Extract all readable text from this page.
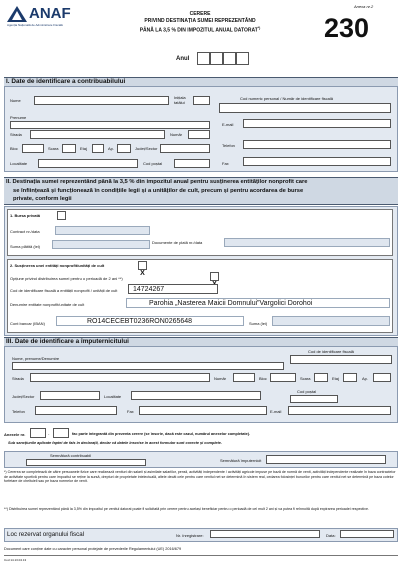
ANAF
Agenția Națională de Administrare Fiscală
Anexa nr.2
CERERE
PRIVIND DESTINAȚIA SUMEI REPREZENTÂND
PÂNĂ LA 3,5 % DIN IMPOZITUL ANUAL DATORAT*)	230
Anul
I. Date de identificare a contribuabilului
Nume
Inițiala tatălui
Cod numeric personal / Număr de identificare fiscală
Prenume
E-mail
Strada	Număr
Bloc	Scara	Etaj	Ap.	Județ/Sector
Telefon
Localitate	Cod poștal	Fax
II. Destinația sumei reprezentând până la 3,5 % din impozitul anual pentru susținerea entităților nonprofit care
se înființează și funcționează în condițiile legii și a unităților de cult, precum și pentru acordarea de burse
private, conform legii
1. Bursa privată
Contract nr./data
Suma plătită (lei)
Documente de plată nr./data
2. Susținerea unei entități nonprofit/unități de cult
X
Opțiune privind distribuirea sumei pentru o perioadă de 2 ani **)
Cod de identificare fiscală a entității nonprofit / unității de cult 14724267
Denumire entitate nonprofit/unitate de cult	Parohia „Nasterea Maicii Domnului”Vargolici Dorohoi
Cont bancar (IBAN)	RO14CECEBT0236RON0265648	Suma (lei)
III. Date de identificare a împuternicitului
Cod de identificare fiscală
Nume, prenume/Denumire
Strada	Număr	Bloc	Scara	Etaj	Ap.
Județ/Sector	Localitate
Cod poștal
Telefon	Fax	E-mail
Anexele nr.	-	fac parte integrantă din prezenta cerere (se înscrie, dacă este cazul, numărul anexelor completate).
Sub sancțiunile aplicate faptei de fals în declarații, declar că datele înscrise în acest formular sunt corecte și complete.
Semnătură contribuabil
Semnătură împuternicit
*) Cererea se completează de către persoanele fizice care realizează venituri din salarii și asimilate salariilor, pensii, activități independente / activități agricole impuse pe bază de normă de venit, activități independente realizate în baza contractelor de activitate sportivă pentru care impozitul se reține la sursă, drepturi de proprietate intelectuală, altele decât cele pentru care venitul net se determină în sistem real, cedarea folosinței bunurilor pentru care venitul net se determină pe baza cotelor forfetare de cheltuieli sau pe baza normelor de venit.
**) Distribuirea sumei reprezentând până la 3,5% din impozitul pe venitul datorat poate fi solicitată prin cerere pentru același beneficiar pentru o perioadă de cel mult 2 ani și va putea fi reînnoită după expirarea perioadei respective.
Loc rezervat organului fiscal	Nr. înregistrare:	Data:
Document care conține date cu caracter personal protejate de prevederile Regulamentului (UE) 2016/679
Cod 14.13.04.13
